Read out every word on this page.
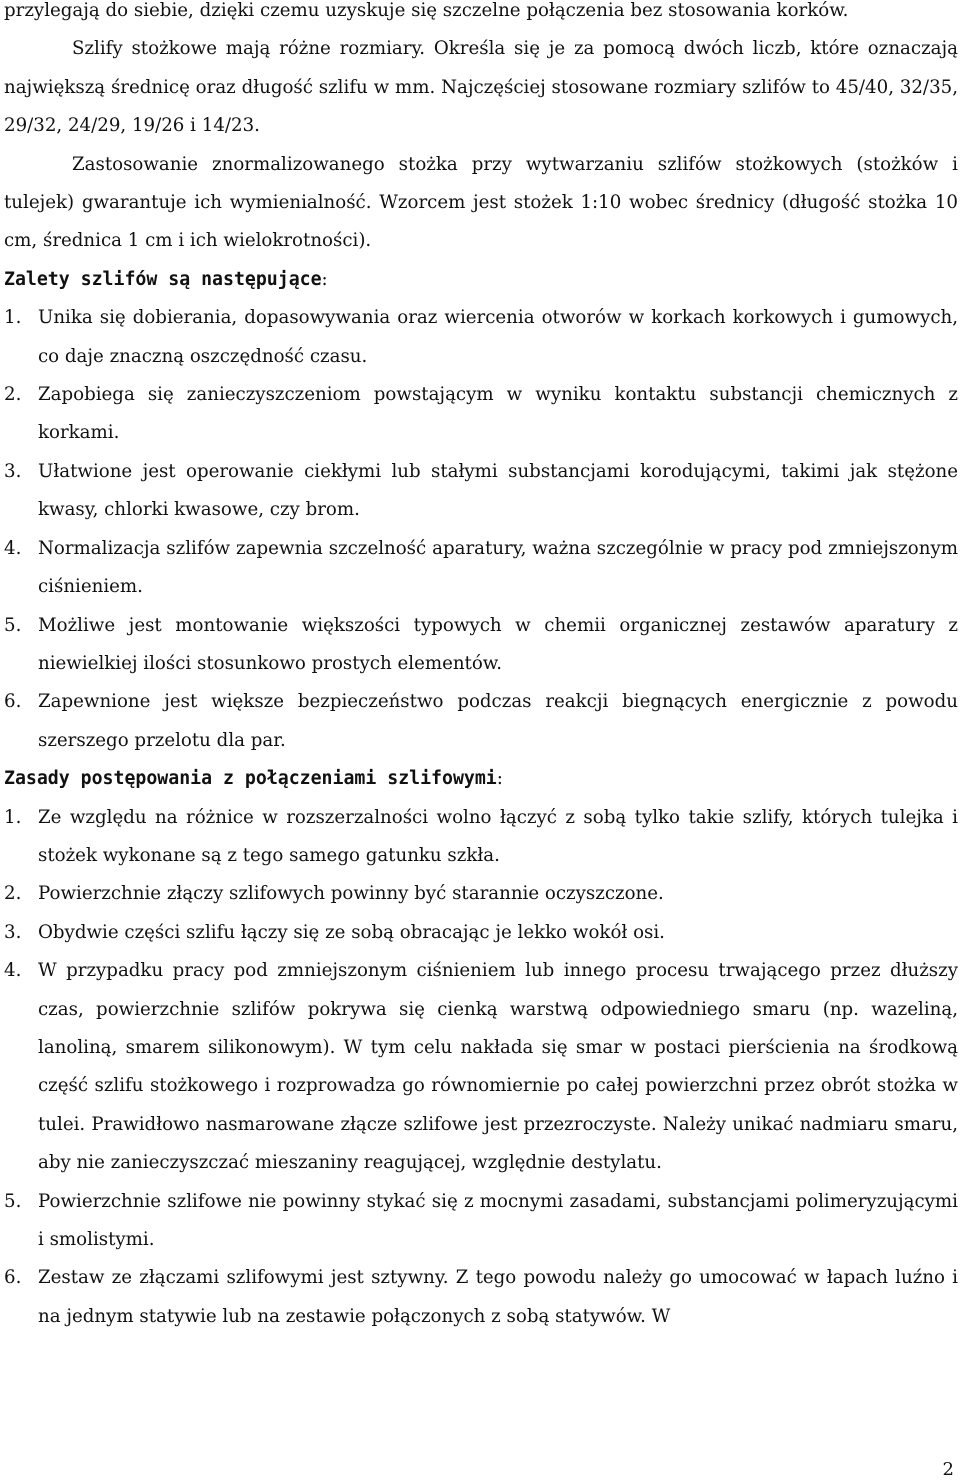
przylegają do siebie, dzięki czemu uzyskuje się szczelne połączenia bez stosowania korków.

Szlify stożkowe mają różne rozmiary. Określa się je za pomocą dwóch liczb, które oznaczają największą średnicę oraz długość szlifu w mm. Najczęściej stosowane rozmiary szlifów to 45/40, 32/35, 29/32, 24/29, 19/26 i 14/23.

Zastosowanie znormalizowanego stożka przy wytwarzaniu szlifów stożkowych (stożków i tulejek) gwarantuje ich wymienialność. Wzorcem jest stożek 1:10 wobec średnicy (długość stożka 10 cm, średnica 1 cm i ich wielokrotności).

Zalety szlifów są następujące:

1. Unika się dobierania, dopasowywania oraz wiercenia otworów w korkach korkowych i gumowych, co daje znaczną oszczędność czasu.
2. Zapobiega się zanieczyszczeniom powstającym w wyniku kontaktu substancji chemicznych z korkami.
3. Ułatwione jest operowanie ciekłymi lub stałymi substancjami korodującymi, takimi jak stężone kwasy, chlorki kwasowe, czy brom.
4. Normalizacja szlifów zapewnia szczelność aparatury, ważna szczególnie w pracy pod zmniejszonym ciśnieniem.
5. Możliwe jest montowanie większości typowych w chemii organicznej zestawów aparatury z niewielkiej ilości stosunkowo prostych elementów.
6. Zapewnione jest większe bezpieczeństwo podczas reakcji biegnących energicznie z powodu szerszego przelotu dla par.

Zasady postępowania z połączeniami szlifowymi:

1. Ze względu na różnice w rozszerzalności wolno łączyć z sobą tylko takie szlify, których tulejka i stożek wykonane są z tego samego gatunku szkła.
2. Powierzchnie złączy szlifowych powinny być starannie oczyszczone.
3. Obydwie części szlifu łączy się ze sobą obracając je lekko wokół osi.
4. W przypadku pracy pod zmniejszonym ciśnieniem lub innego procesu trwającego przez dłuższy czas, powierzchnie szlifów pokrywa się cienką warstwą odpowiedniego smaru (np. wazeliną, lanoliną, smarem silikonowym). W tym celu nakłada się smar w postaci pierścienia na środkową część szlifu stożkowego i rozprowadza go równomiernie po całej powierzchni przez obrót stożka w tulei. Prawidłowo nasmarowane złącze szlifowe jest przezroczyste. Należy unikać nadmiaru smaru, aby nie zanieczyszczać mieszaniny reagującej, względnie destylatu.
5. Powierzchnie szlifowe nie powinny stykać się z mocnymi zasadami, substancjami polimeryzującymi i smolistymi.
6. Zestaw ze złączami szlifowymi jest sztywny. Z tego powodu należy go umocować w łapach luźno i na jednym statywie lub na zestawie połączonych z sobą statywów. W
2
